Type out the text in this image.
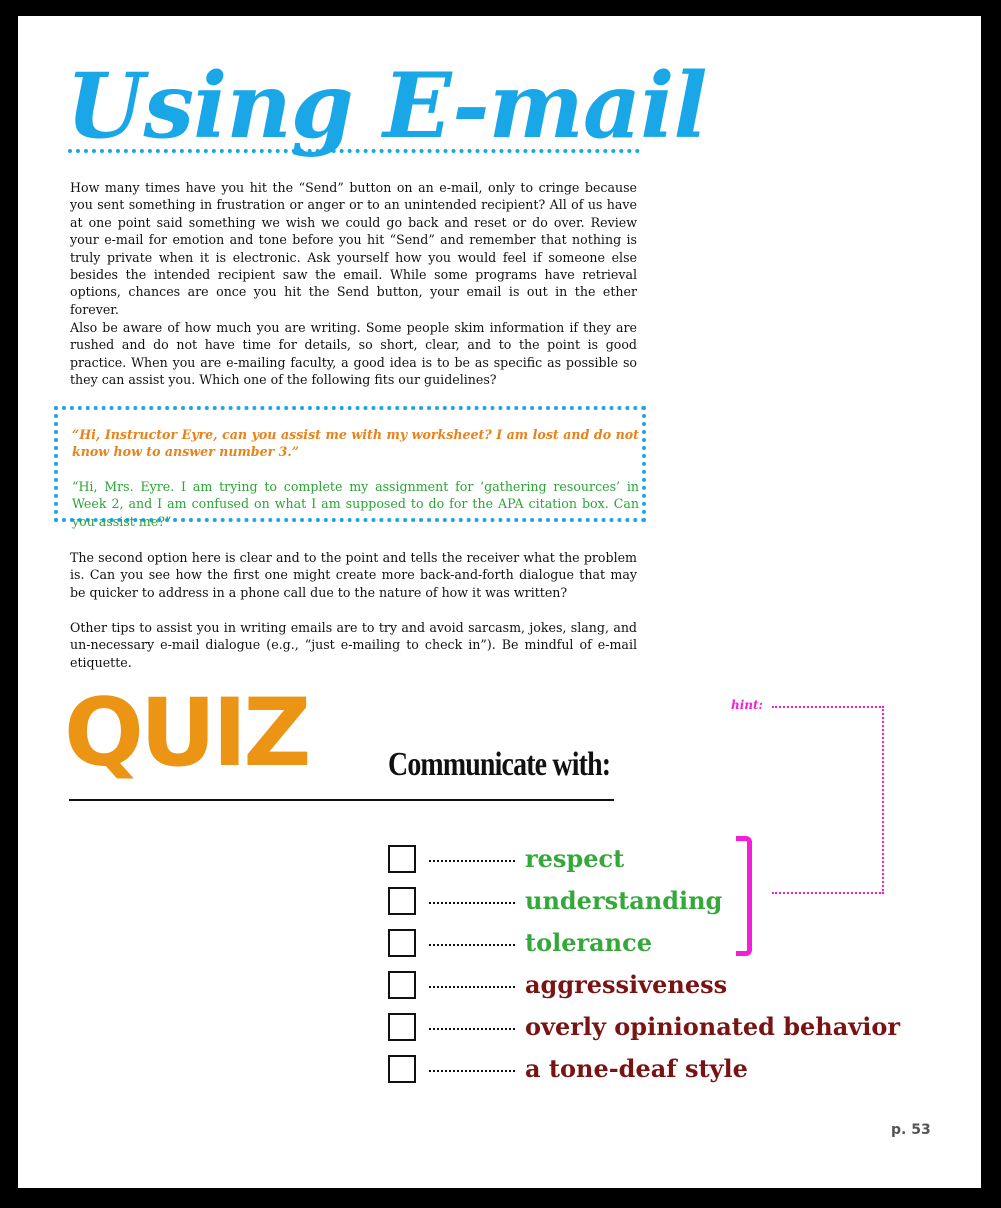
Using E-mail

How many times have you hit the “Send” button on an e-mail, only to cringe because you sent something in frustration or anger or to an unintended recipient? All of us have at one point said something we wish we could go back and reset or do over. Review your e-mail for emotion and tone before you hit “Send” and remember that nothing is truly private when it is electronic. Ask yourself how you would feel if someone else besides the intended recipient saw the email. While some programs have retrieval options, chances are once you hit the Send button, your email is out in the ether forever.

Also be aware of how much you are writing. Some people skim information if they are rushed and do not have time for details, so short, clear, and to the point is good practice. When you are e-mailing faculty, a good idea is to be as specific as possible so they can assist you. Which one of the following fits our guidelines?

“Hi, Instructor Eyre, can you assist me with my worksheet? I am lost and do not know how to answer number 3.”

“Hi, Mrs. Eyre. I am trying to complete my assignment for ‘gathering resources’ in Week 2, and I am confused on what I am supposed to do for the APA citation box. Can you assist me?”

The second option here is clear and to the point and tells the receiver what the problem is. Can you see how the first one might create more back-and-forth dialogue that may be quicker to address in a phone call due to the nature of how it was written?

Other tips to assist you in writing emails are to try and avoid sarcasm, jokes, slang, and un-necessary e-mail dialogue (e.g., “just e-mailing to check in”). Be mindful of e-mail etiquette.

QUIZ Communicate with:
hint:
respect
understanding
tolerance
aggressiveness
overly opinionated behavior
a tone-deaf style
p. 53
